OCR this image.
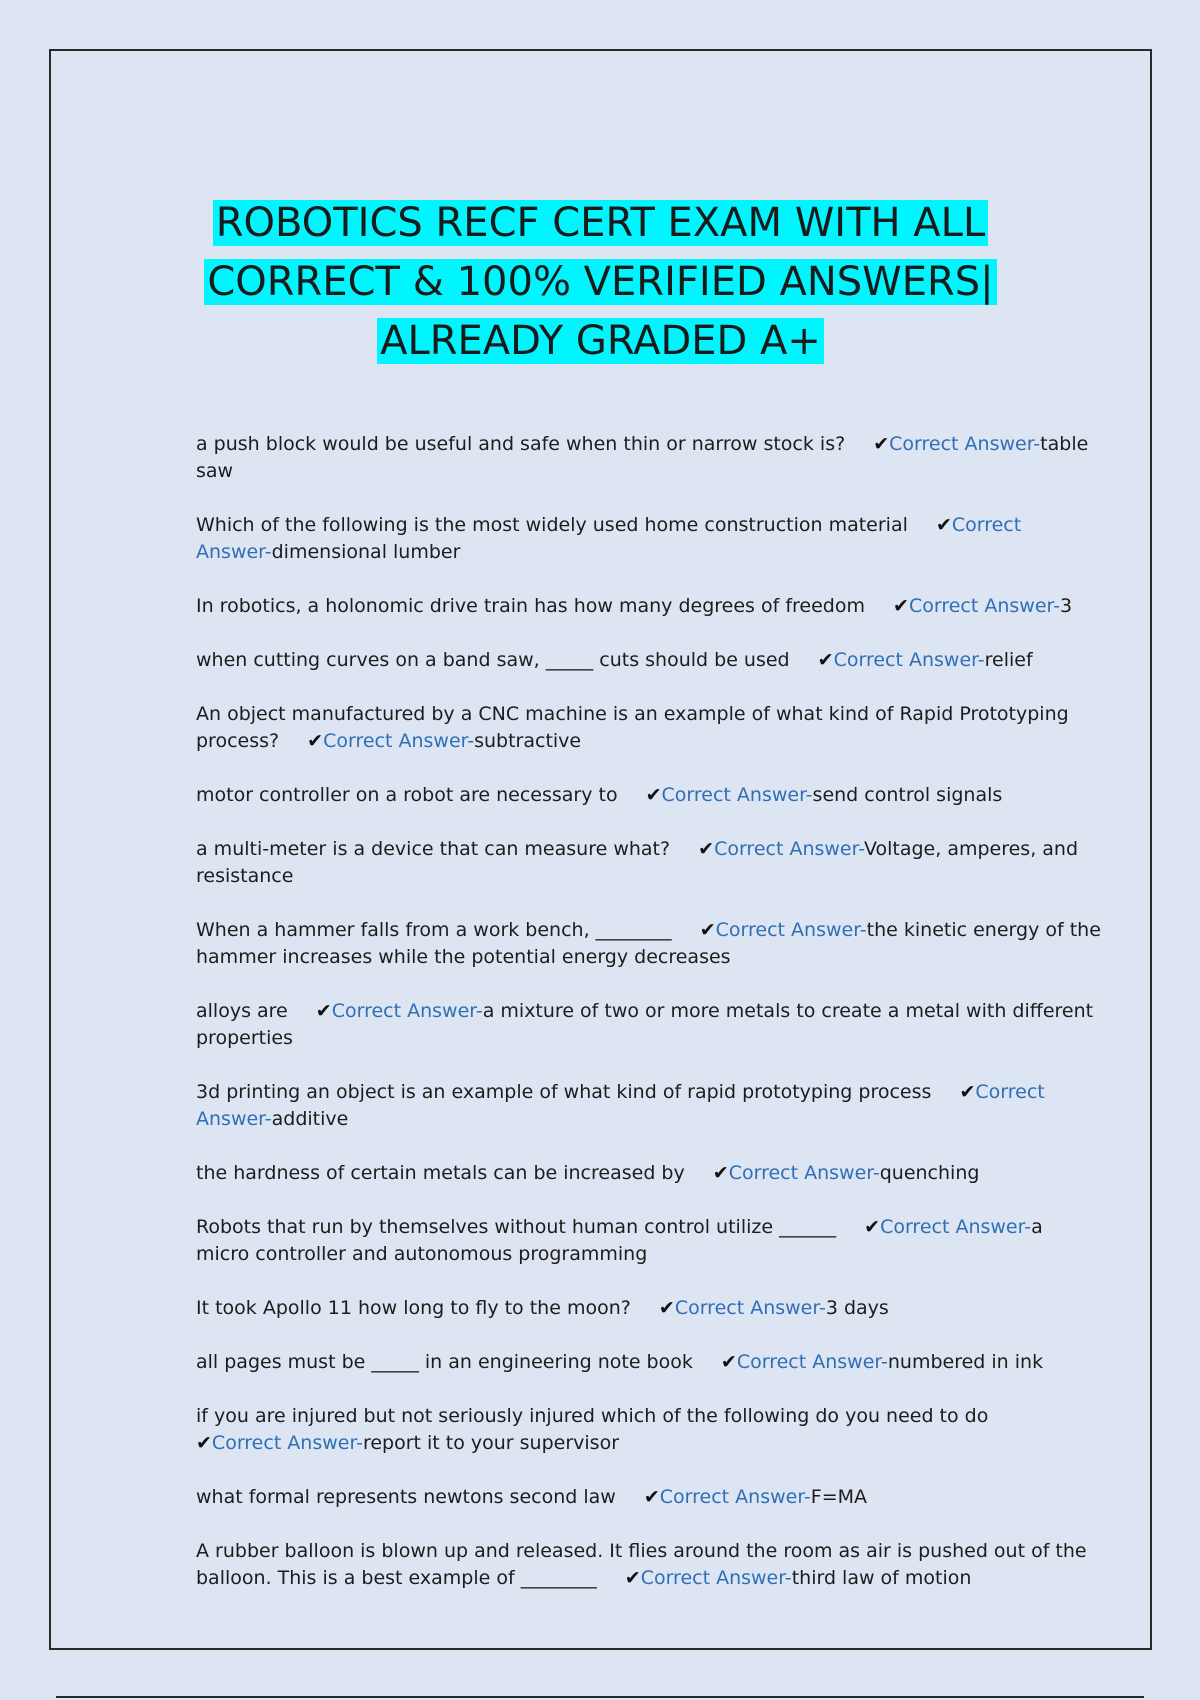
ROBOTICS RECF CERT EXAM WITH ALL
CORRECT & 100% VERIFIED ANSWERS|
ALREADY GRADED A+

a push block would be useful and safe when thin or narrow stock is? ✔Correct Answer-table saw

Which of the following is the most widely used home construction material ✔Correct Answer-dimensional lumber

In robotics, a holonomic drive train has how many degrees of freedom ✔Correct Answer-3

when cutting curves on a band saw, _____ cuts should be used ✔Correct Answer-relief

An object manufactured by a CNC machine is an example of what kind of Rapid Prototyping process? ✔Correct Answer-subtractive

motor controller on a robot are necessary to ✔Correct Answer-send control signals

a multi-meter is a device that can measure what? ✔Correct Answer-Voltage, amperes, and resistance

When a hammer falls from a work bench, ________ ✔Correct Answer-the kinetic energy of the hammer increases while the potential energy decreases

alloys are ✔Correct Answer-a mixture of two or more metals to create a metal with different properties

3d printing an object is an example of what kind of rapid prototyping process ✔Correct Answer-additive

the hardness of certain metals can be increased by ✔Correct Answer-quenching

Robots that run by themselves without human control utilize ______ ✔Correct Answer-a micro controller and autonomous programming

It took Apollo 11 how long to fly to the moon? ✔Correct Answer-3 days

all pages must be _____ in an engineering note book ✔Correct Answer-numbered in ink

if you are injured but not seriously injured which of the following do you need to do ✔Correct Answer-report it to your supervisor

what formal represents newtons second law ✔Correct Answer-F=MA

A rubber balloon is blown up and released. It flies around the room as air is pushed out of the balloon. This is a best example of ________ ✔Correct Answer-third law of motion
